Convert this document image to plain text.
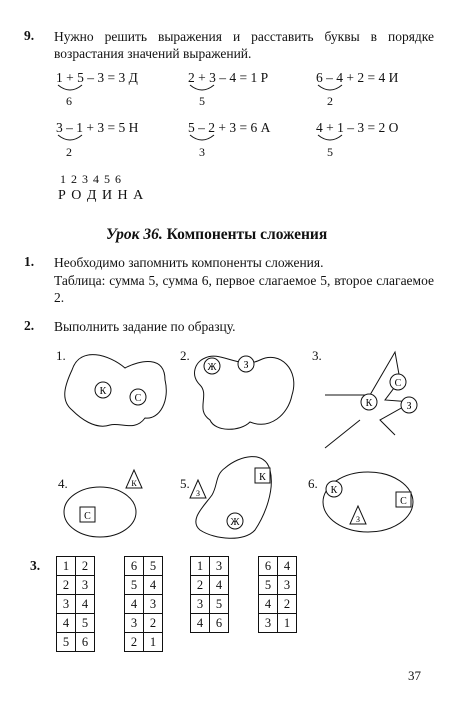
9. Нужно решить выражения и расставить буквы в порядке возрастания значений выражений.
1 + 5 – 3 = 3 Д	2 + 3 – 4 = 1 Р	6 – 4 + 2 = 4 И
6	5	2
3 – 1 + 3 = 5 Н	5 – 2 + 3 = 6 А	4 + 1 – 3 = 2 О
2	3	5
1 2 3 4 5 6
Р О Д И Н А
Урок 36. Компоненты сложения
1. Необходимо запомнить компоненты сложения.
Таблица: сумма 5, сумма 6, первое слагаемое 5, второе слагаемое 2.
2. Выполнить задание по образцу.
1.	2.	3.
4.	5.	6.
К
С
Ж	З
С
К	З
К
С
З
К
Ж
К
С
З
3. 1	2
2	3
3	4
4	5
5	6
6	5
5	4
4	3
3	2
2	1
1	3
2	4
3	5
4	6
6	4
5	3
4	2
3	1
37
